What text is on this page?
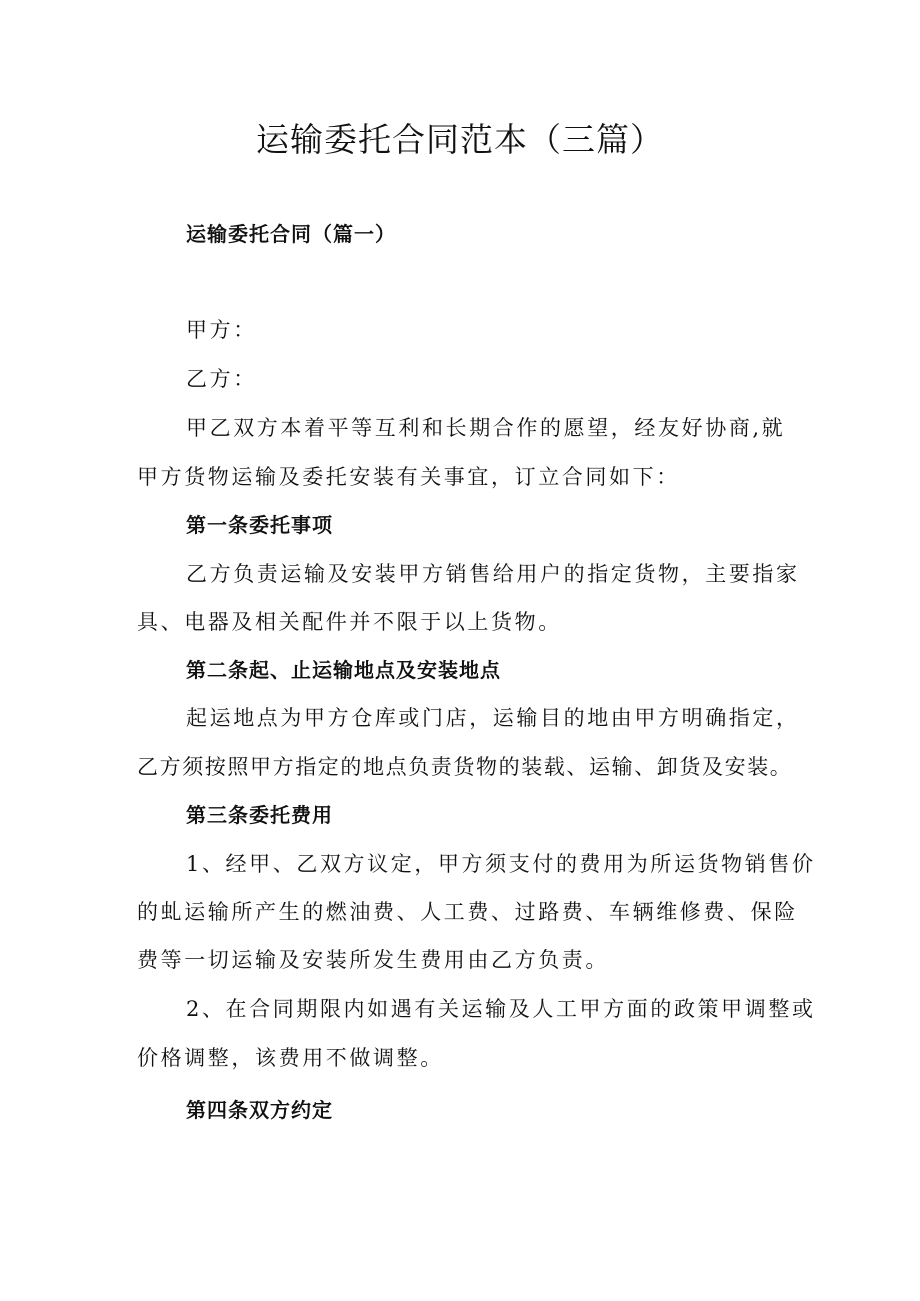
运输委托合同范本（三篇）

运输委托合同（篇一）

甲方：

乙方：

甲乙双方本着平等互利和长期合作的愿望，经友好协商,就

甲方货物运输及委托安装有关事宜，订立合同如下：

第一条委托事项

乙方负责运输及安装甲方销售给用户的指定货物，主要指家

具、电器及相关配件并不限于以上货物。

第二条起、止运输地点及安装地点

起运地点为甲方仓库或门店，运输目的地由甲方明确指定，

乙方须按照甲方指定的地点负责货物的装载、运输、卸货及安装。

第三条委托费用

1、经甲、乙双方议定，甲方须支付的费用为所运货物销售价

的虬运输所产生的燃油费、人工费、过路费、车辆维修费、保险

费等一切运输及安装所发生费用由乙方负责。

2、在合同期限内如遇有关运输及人工甲方面的政策甲调整或

价格调整，该费用不做调整。

第四条双方约定
